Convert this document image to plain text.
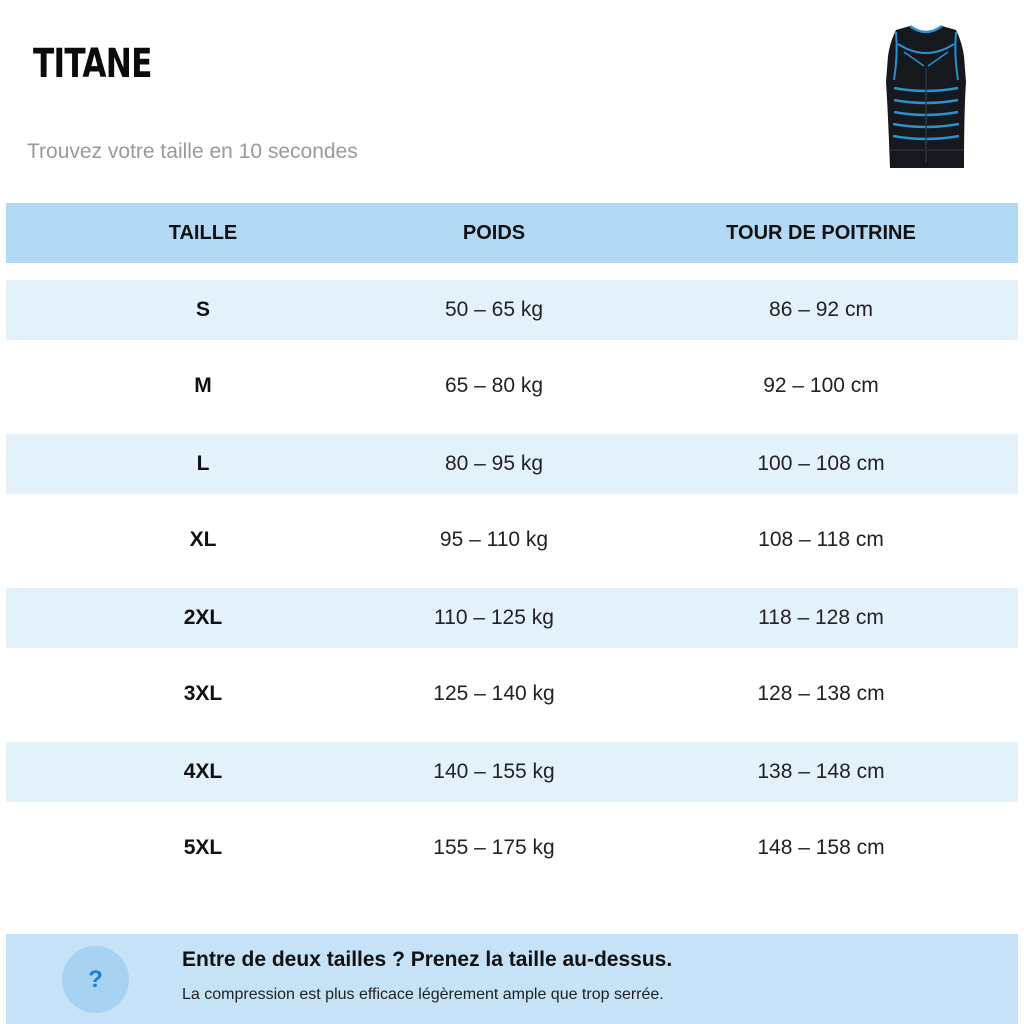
TITANE
Trouvez votre taille en 10 secondes
TAILLE	POIDS	TOUR DE POITRINE
S	50 – 65 kg	86 – 92 cm
M	65 – 80 kg	92 – 100 cm
L	80 – 95 kg	100 – 108 cm
XL	95 – 110 kg	108 – 118 cm
2XL	110 – 125 kg	118 – 128 cm
3XL	125 – 140 kg	128 – 138 cm
4XL	140 – 155 kg	138 – 148 cm
5XL	155 – 175 kg	148 – 158 cm
?
Entre de deux tailles ? Prenez la taille au-dessus.
La compression est plus efficace légèrement ample que trop serrée.
